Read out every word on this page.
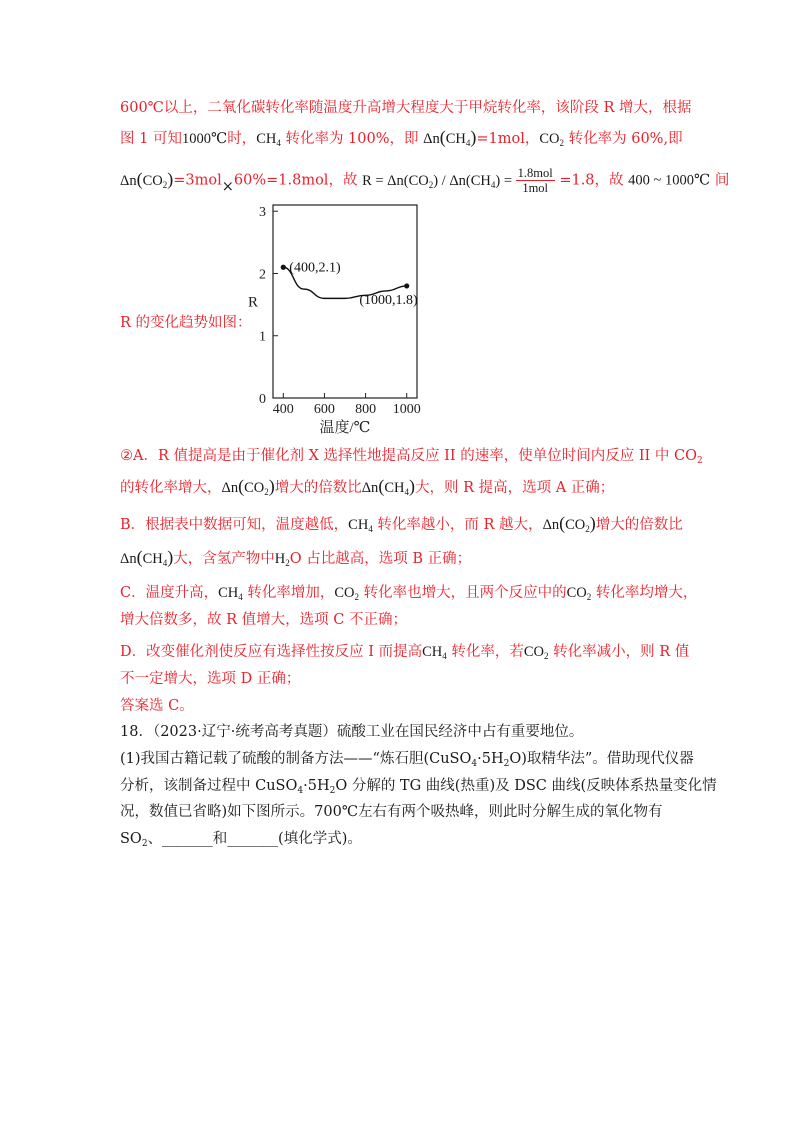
600℃以上，二氧化碳转化率随温度升高增大程度大于甲烷转化率，该阶段 R 增大，根据
图 1 可知1000℃时，$CH_4$ 转化率为 100%，即 $\Delta n(CH_4)=1mol$，$CO_2$ 转化率为 60%,即
$\Delta n(CO_2)=3mol\times 60\%=1.8mol$，故 $R = \Delta n(CO_2) / \Delta n(CH_4) = \frac{\text{1.8mol}}{\text{1mol}} =1.8$，故 400 ~ 1000℃ 间
R 的变化趋势如图：
0
1
2
3
400 600 800 1000
温度/℃
R
(400,2.1)
(1000,1.8)
②A．R 值提高是由于催化剂 X 选择性地提高反应 II 的速率，使单位时间内反应 II 中 $CO_2$
的转化率增大，$\Delta n(CO_2)$增大的倍数比$\Delta n(CH_4)$大，则 R 提高，选项 A 正确；
B．根据表中数据可知，温度越低，$CH_4$ 转化率越小，而 R 越大，$\Delta n(CO_2)$增大的倍数比
$\Delta n(CH_4)$大，含氢产物中$H_2O$ 占比越高，选项 B 正确；
C．温度升高，$CH_4$ 转化率增加，$CO_2$ 转化率也增大，且两个反应中的$CO_2$ 转化率均增大，
增大倍数多，故 R 值增大，选项 C 不正确；
D．改变催化剂使反应有选择性按反应 I 而提高$CH_4$ 转化率，若$CO_2$ 转化率减小，则 R 值
不一定增大，选项 D 正确；
答案选 C。
18．（2023·辽宁·统考高考真题）硫酸工业在国民经济中占有重要地位。
(1)我国古籍记载了硫酸的制备方法——“炼石胆$(CuSO_4\cdot 5H_2O)$取精华法”。借助现代仪器
分析，该制备过程中 $CuSO_4\cdot 5H_2O$ 分解的 TG 曲线(热重)及 DSC 曲线(反映体系热量变化情
况，数值已省略)如下图所示。700℃左右有两个吸热峰，则此时分解生成的氧化物有
$SO_2$、_______和_______(填化学式)。
